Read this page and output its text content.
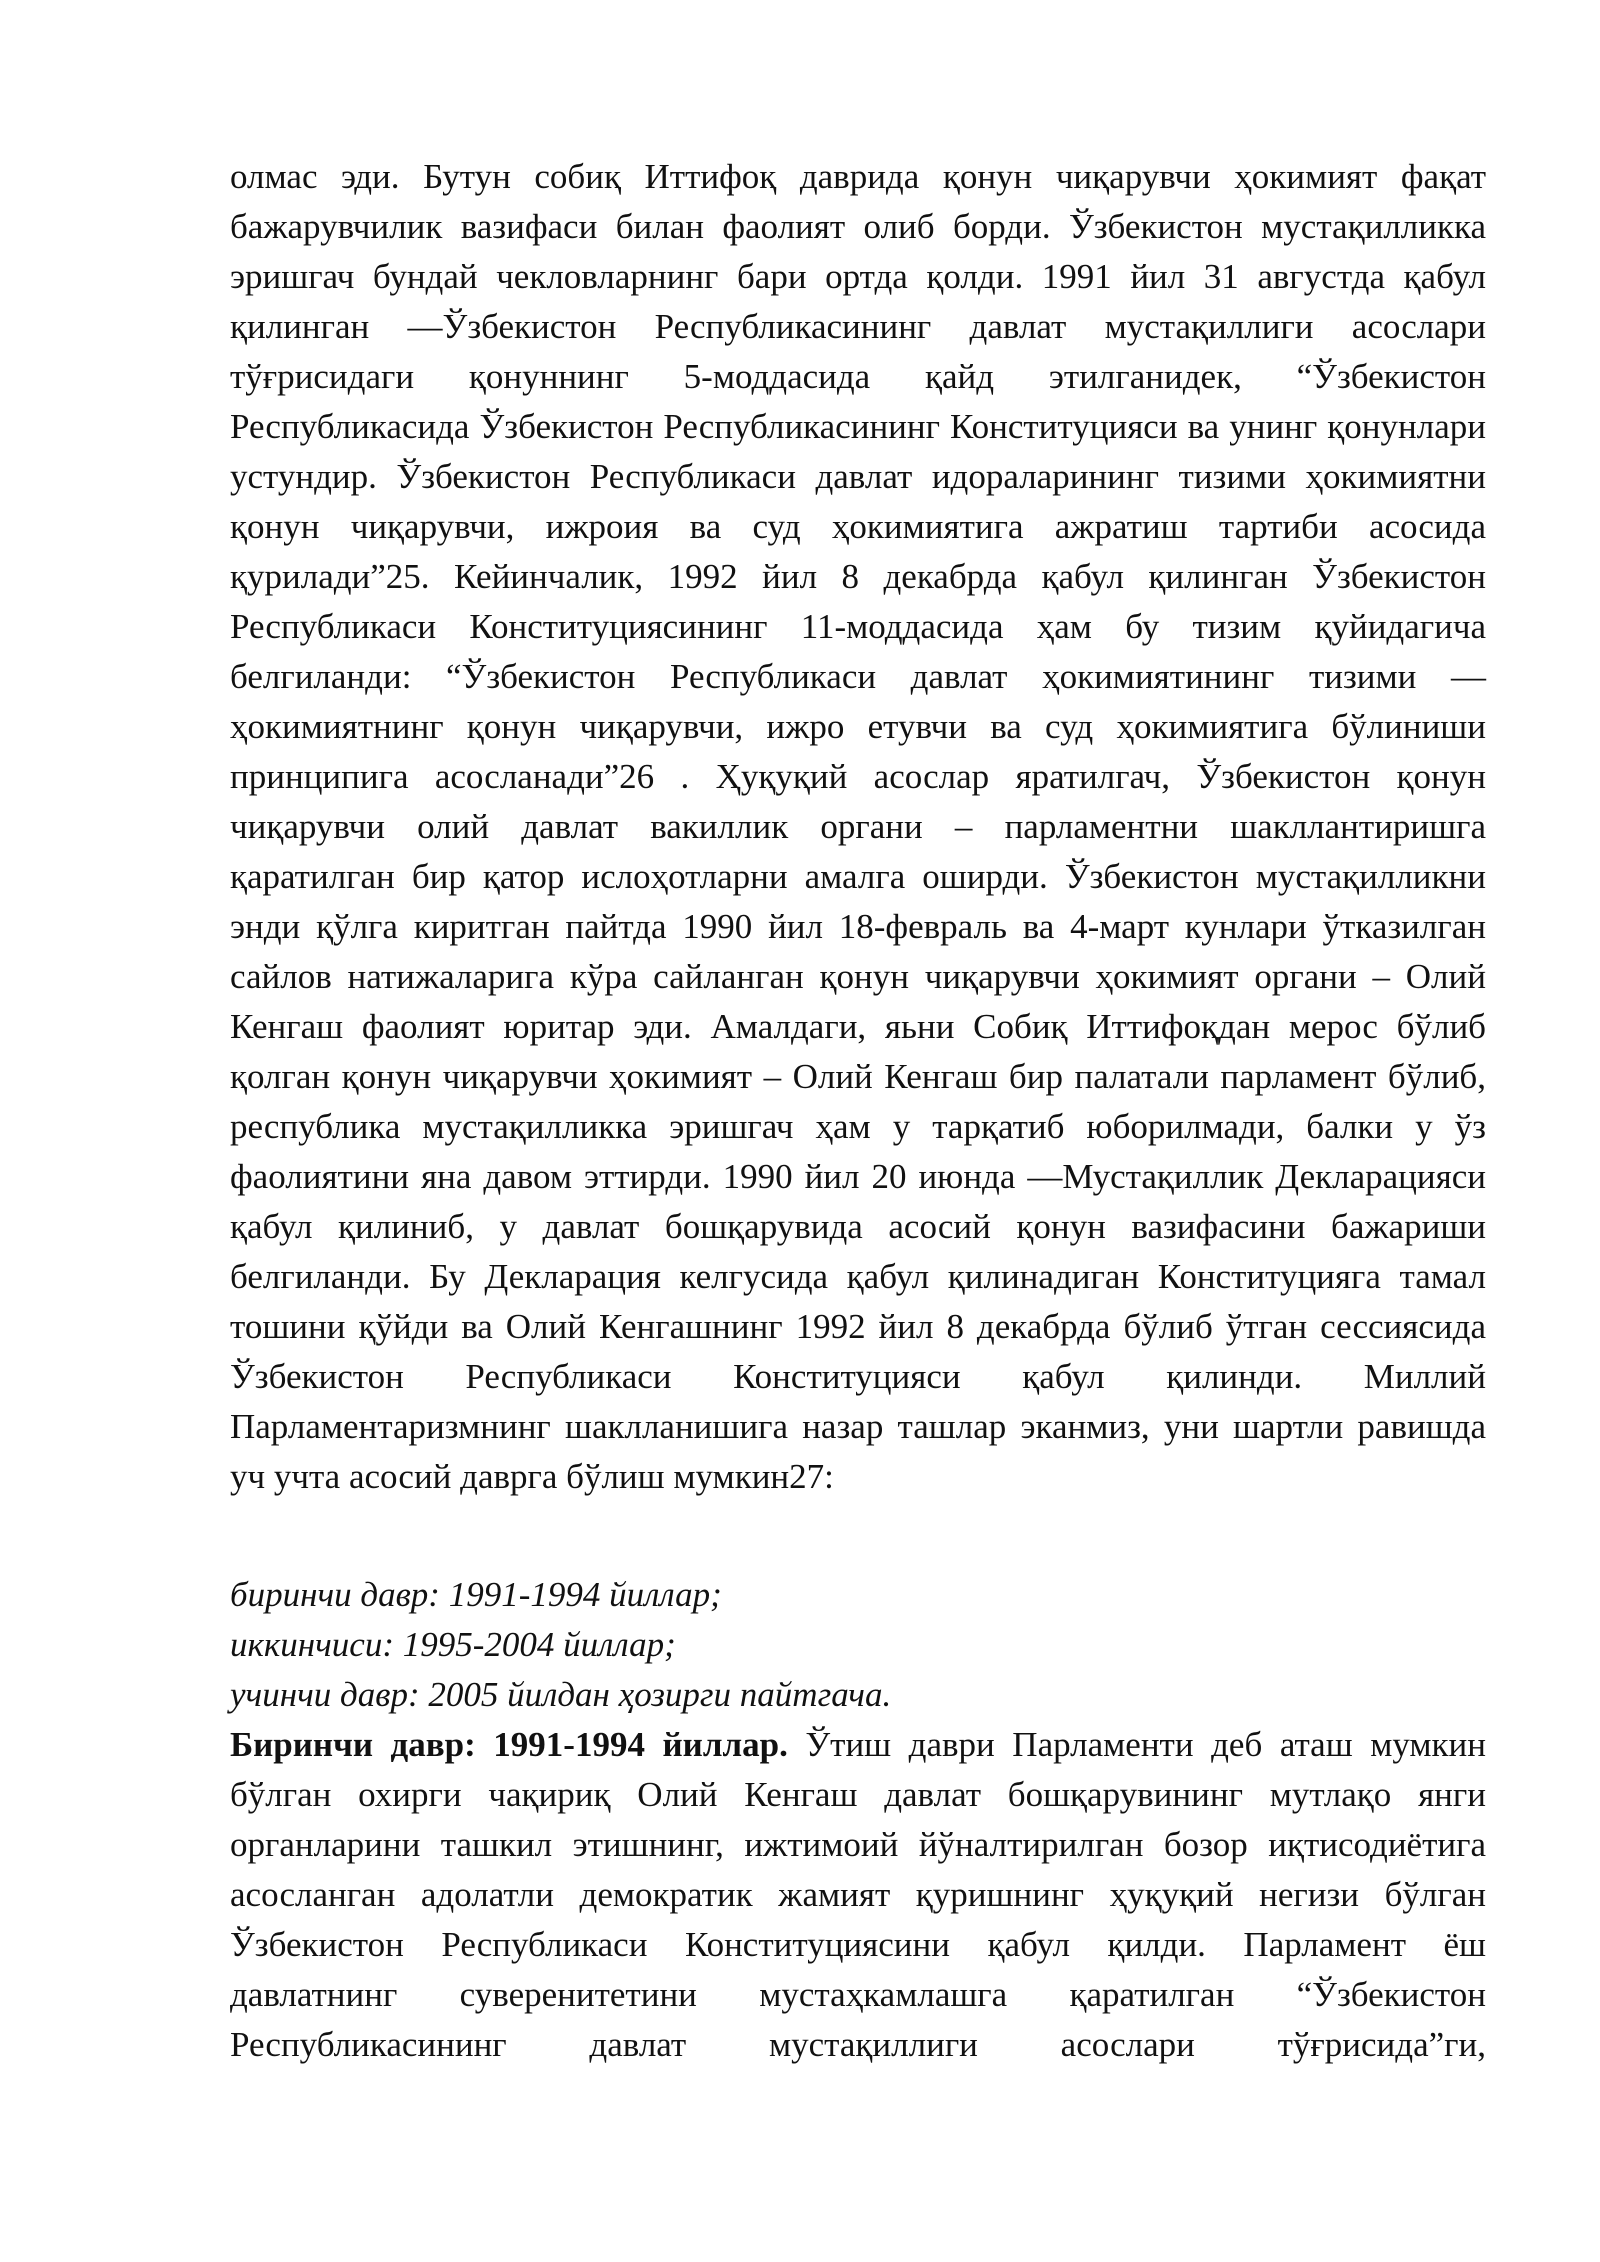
олмас эди. Бутун собиқ Иттифоқ даврида қонун чиқарувчи ҳокимият фақат бажарувчилик вазифаси билан фаолият олиб борди. Ўзбекистон мустақилликка эришгач бундай чекловларнинг бари ортда қолди. 1991 йил 31 августда қабул қилинган —Ўзбекистон Республикасининг давлат мустақиллиги асослари тўғрисидаги қонуннинг 5-моддасида қайд этилганидек, “Ўзбекистон Республикасида Ўзбекистон Республикасининг Конституцияси ва унинг қонунлари устундир. Ўзбекистон Республикаси давлат идораларининг тизими ҳокимиятни қонун чиқарувчи, ижроия ва суд ҳокимиятига ажратиш тартиби асосида қурилади”25. Кейинчалик, 1992 йил 8 декабрда қабул қилинган Ўзбекистон Республикаси Конституциясининг 11-моддасида ҳам бу тизим қуйидагича белгиланди: “Ўзбекистон Республикаси давлат ҳокимиятининг тизими — ҳокимиятнинг қонун чиқарувчи, ижро етувчи ва суд ҳокимиятига бўлиниши принципига асосланади”26 . Ҳуқуқий асослар яратилгач, Ўзбекистон қонун чиқарувчи олий давлат вакиллик органи – парламентни шакллантиришга қаратилган бир қатор ислоҳотларни амалга оширди. Ўзбекистон мустақилликни энди қўлга киритган пайтда 1990 йил 18-февраль ва 4-март кунлари ўтказилган сайлов натижаларига кўра сайланган қонун чиқарувчи ҳокимият органи – Олий Кенгаш фаолият юритар эди. Амалдаги, яьни Собиқ Иттифоқдан мерос бўлиб қолган қонун чиқарувчи ҳокимият – Олий Кенгаш бир палатали парламент бўлиб, республика мустақилликка эришгач ҳам у тарқатиб юборилмади, балки у ўз фаолиятини яна давом эттирди. 1990 йил 20 июнда —Мустақиллик Декларацияси қабул қилиниб, у давлат бошқарувида асосий қонун вазифасини бажариши белгиланди. Бу Декларация келгусида қабул қилинадиган Конституцияга тамал тошини қўйди ва Олий Кенгашнинг 1992 йил 8 декабрда бўлиб ўтган сессиясида Ўзбекистон Республикаси Конституцияси қабул қилинди. Миллий Парламентаризмнинг шаклланишига назар ташлар эканмиз, уни шартли равишда уч учта асосий даврга бўлиш мумкин27:

биринчи давр: 1991-1994 йиллар;
иккинчиси: 1995-2004 йиллар;
учинчи давр: 2005 йилдан ҳозирги пайтгача.

Биринчи давр: 1991-1994 йиллар. Ўтиш даври Парламенти деб аташ мумкин бўлган охирги чақириқ Олий Кенгаш давлат бошқарувининг мутлақо янги органларини ташкил этишнинг, ижтимоий йўналтирилган бозор иқтисодиётига асосланган адолатли демократик жамият қуришнинг ҳуқуқий негизи бўлган Ўзбекистон Республикаси Конституциясини қабул қилди. Парламент ёш давлатнинг суверенитетини мустаҳкамлашга қаратилган “Ўзбекистон Республикасининг давлат мустақиллиги асослари тўғрисида”ги,
